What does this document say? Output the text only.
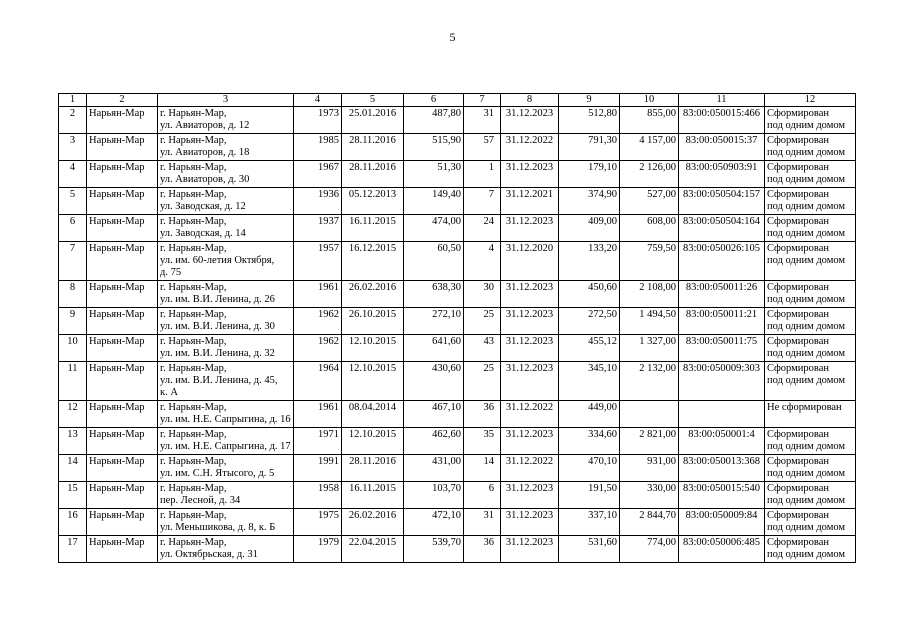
5
1	2	3	4	5	6	7	8	9	10	11	12
2	Нарьян-Мар	г. Нарьян-Мар,
ул. Авиаторов, д. 12	1973	25.01.2016	487,80	31	31.12.2023	512,80	855,00	83:00:050015:466	Сформирован
под одним домом

3	Нарьян-Мар	г. Нарьян-Мар,
ул. Авиаторов, д. 18	1985	28.11.2016	515,90	57	31.12.2022	791,30	4 157,00	83:00:050015:37	Сформирован
под одним домом

4	Нарьян-Мар	г. Нарьян-Мар,
ул. Авиаторов, д. 30	1967	28.11.2016	51,30	1	31.12.2023	179,10	2 126,00	83:00:050903:91	Сформирован
под одним домом

5	Нарьян-Мар	г. Нарьян-Мар,
ул. Заводская, д. 12	1936	05.12.2013	149,40	7	31.12.2021	374,90	527,00	83:00:050504:157	Сформирован
под одним домом

6	Нарьян-Мар	г. Нарьян-Мар,
ул. Заводская, д. 14	1937	16.11.2015	474,00	24	31.12.2023	409,00	608,00	83:00:050504:164	Сформирован
под одним домом

7	Нарьян-Мар	г. Нарьян-Мар,
ул. им. 60-летия Октября,
д. 75	1957	16.12.2015	60,50	4	31.12.2020	133,20	759,50	83:00:050026:105	Сформирован
под одним домом

8	Нарьян-Мар	г. Нарьян-Мар,
ул. им. В.И. Ленина, д. 26	1961	26.02.2016	638,30	30	31.12.2023	450,60	2 108,00	83:00:050011:26	Сформирован
под одним домом

9	Нарьян-Мар	г. Нарьян-Мар,
ул. им. В.И. Ленина, д. 30	1962	26.10.2015	272,10	25	31.12.2023	272,50	1 494,50	83:00:050011:21	Сформирован
под одним домом

10	Нарьян-Мар	г. Нарьян-Мар,
ул. им. В.И. Ленина, д. 32	1962	12.10.2015	641,60	43	31.12.2023	455,12	1 327,00	83:00:050011:75	Сформирован
под одним домом

11	Нарьян-Мар	г. Нарьян-Мар,
ул. им. В.И. Ленина, д. 45,
к. А	1964	12.10.2015	430,60	25	31.12.2023	345,10	2 132,00	83:00:050009:303	Сформирован
под одним домом

12	Нарьян-Мар	г. Нарьян-Мар,
ул. им. Н.Е. Сапрыгина, д. 16	1961	08.04.2014	467,10	36	31.12.2022	449,00			Не сформирован

13	Нарьян-Мар	г. Нарьян-Мар,
ул. им. Н.Е. Сапрыгина, д. 17	1971	12.10.2015	462,60	35	31.12.2023	334,60	2 821,00	83:00:050001:4	Сформирован
под одним домом

14	Нарьян-Мар	г. Нарьян-Мар,
ул. им. С.Н. Ятысого, д. 5	1991	28.11.2016	431,00	14	31.12.2022	470,10	931,00	83:00:050013:368	Сформирован
под одним домом

15	Нарьян-Мар	г. Нарьян-Мар,
пер. Лесной, д. 34	1958	16.11.2015	103,70	6	31.12.2023	191,50	330,00	83:00:050015:540	Сформирован
под одним домом

16	Нарьян-Мар	г. Нарьян-Мар,
ул. Меньшикова, д. 8, к. Б	1975	26.02.2016	472,10	31	31.12.2023	337,10	2 844,70	83:00:050009:84	Сформирован
под одним домом

17	Нарьян-Мар	г. Нарьян-Мар,
ул. Октябрьская, д. 31	1979	22.04.2015	539,70	36	31.12.2023	531,60	774,00	83:00:050006:485	Сформирован
под одним домом
